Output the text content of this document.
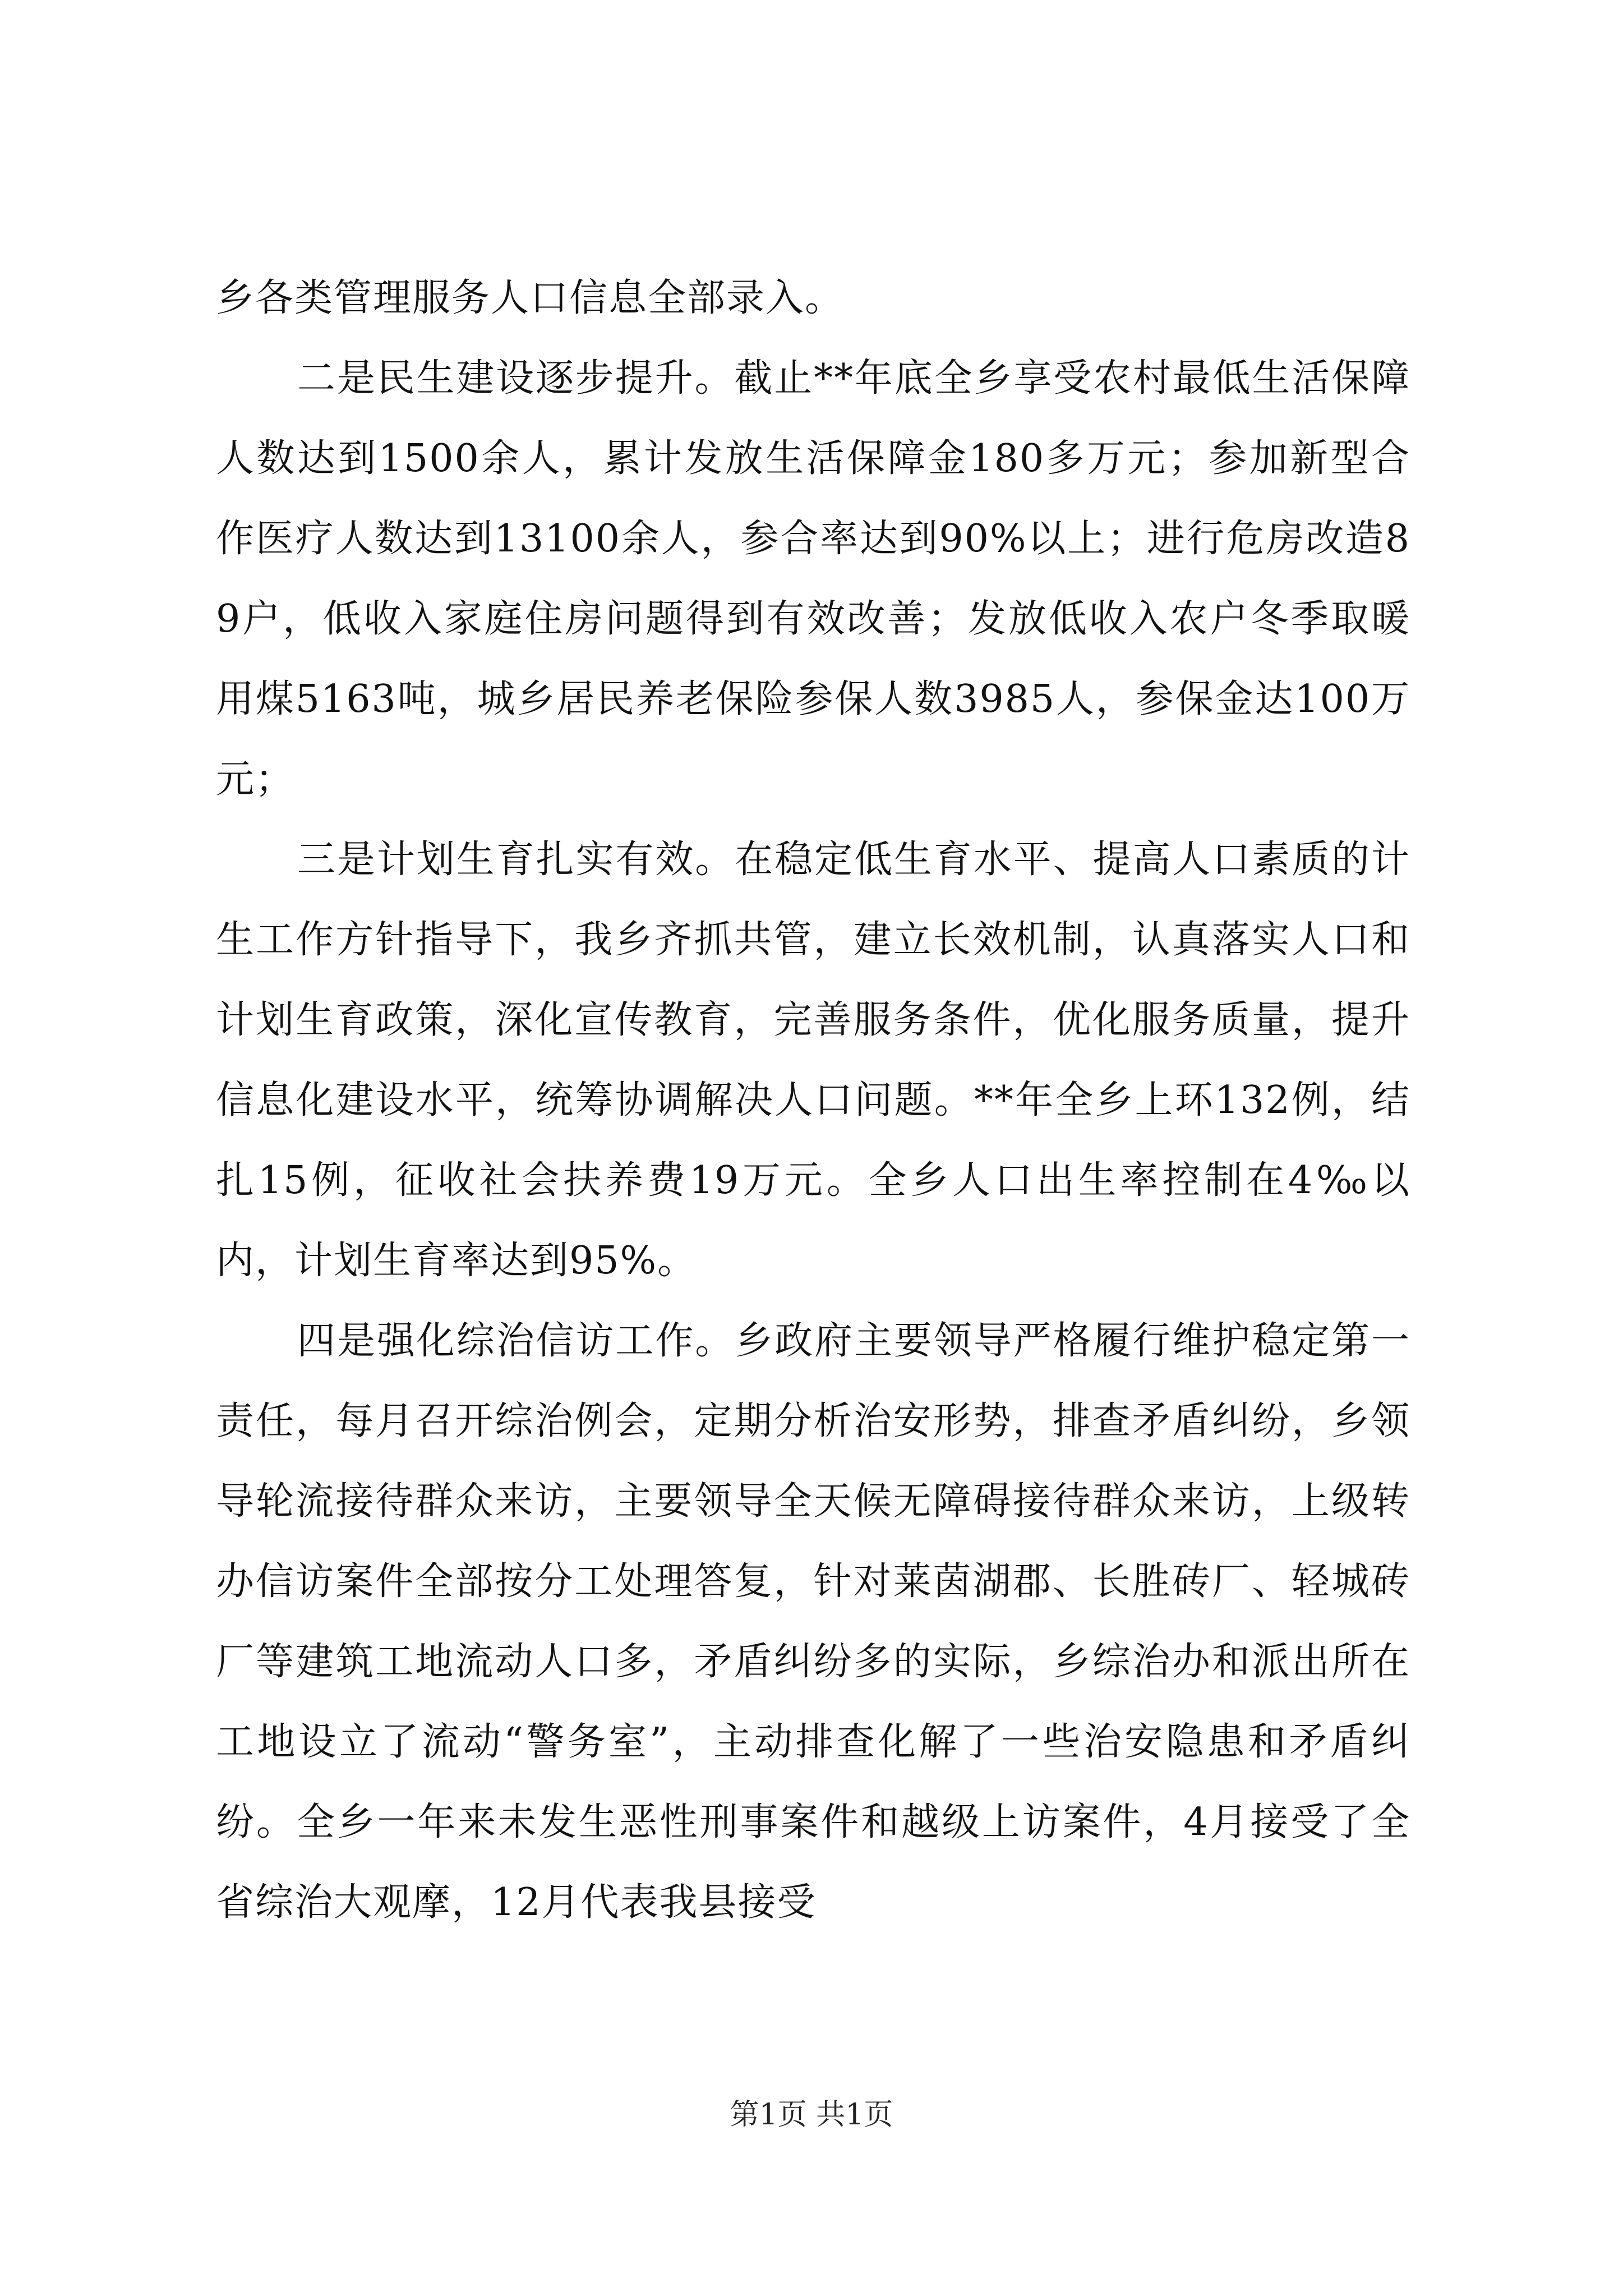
乡各类管理服务人口信息全部录入。

二是民生建设逐步提升。截止**年底全乡享受农村最低生活保障人数达到1500余人，累计发放生活保障金180多万元；参加新型合作医疗人数达到13100余人，参合率达到90%以上；进行危房改造89户，低收入家庭住房问题得到有效改善；发放低收入农户冬季取暖用煤5163吨，城乡居民养老保险参保人数3985人，参保金达100万元；

三是计划生育扎实有效。在稳定低生育水平、提高人口素质的计生工作方针指导下，我乡齐抓共管，建立长效机制，认真落实人口和计划生育政策，深化宣传教育，完善服务条件，优化服务质量，提升信息化建设水平，统筹协调解决人口问题。**年全乡上环132例，结扎15例，征收社会扶养费19万元。全乡人口出生率控制在4‰以内，计划生育率达到95%。

四是强化综治信访工作。乡政府主要领导严格履行维护稳定第一责任，每月召开综治例会，定期分析治安形势，排查矛盾纠纷，乡领导轮流接待群众来访，主要领导全天候无障碍接待群众来访，上级转办信访案件全部按分工处理答复，针对莱茵湖郡、长胜砖厂、轻城砖厂等建筑工地流动人口多，矛盾纠纷多的实际，乡综治办和派出所在工地设立了流动“警务室”，主动排查化解了一些治安隐患和矛盾纠纷。全乡一年来未发生恶性刑事案件和越级上访案件，4月接受了全省综治大观摩，12月代表我县接受

第1页 共1页
